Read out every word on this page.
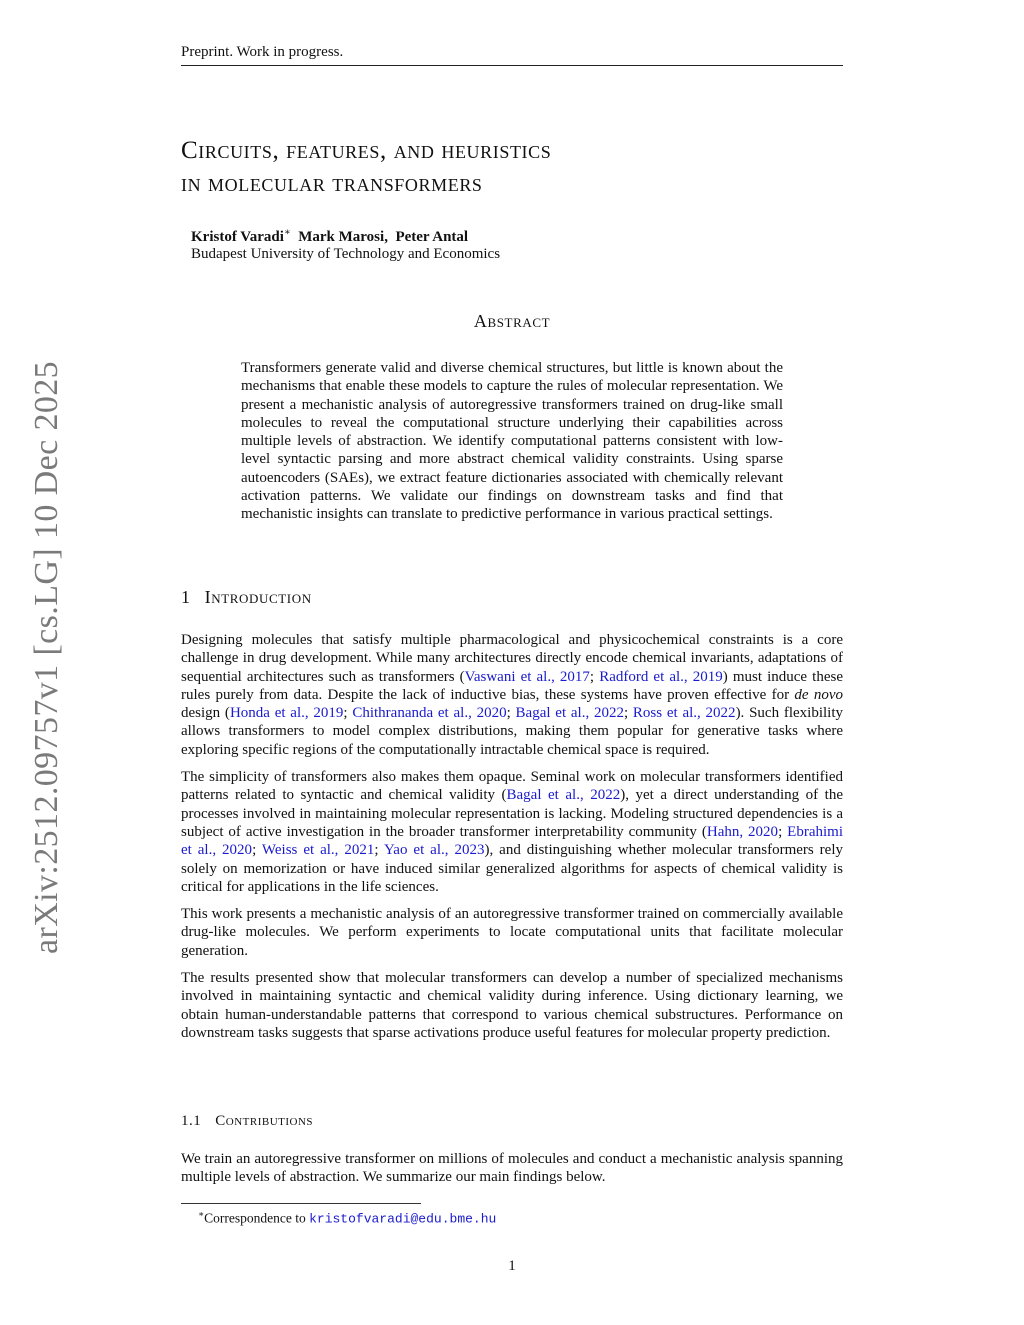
Preprint. Work in progress.
Circuits, features, and heuristics
in molecular transformers
Kristof Varadi∗ Mark Marosi,  Peter Antal
Budapest University of Technology and Economics
Abstract
Transformers generate valid and diverse chemical structures, but little is known about the mechanisms that enable these models to capture the rules of molecular representation. We present a mechanistic analysis of autoregressive transformers trained on drug-like small molecules to reveal the computational structure underlying their capabilities across multiple levels of abstraction. We identify computational patterns consistent with low-level syntactic parsing and more abstract chemical validity constraints. Using sparse autoencoders (SAEs), we extract feature dictionaries associated with chemically relevant activation patterns. We validate our findings on downstream tasks and find that mechanistic insights can translate to predictive performance in various practical settings.
1 Introduction

Designing molecules that satisfy multiple pharmacological and physicochemical constraints is a core challenge in drug development. While many architectures directly encode chemical invariants, adaptations of sequential architectures such as transformers (Vaswani et al., 2017; Radford et al., 2019) must induce these rules purely from data. Despite the lack of inductive bias, these systems have proven effective for de novo design (Honda et al., 2019; Chithrananda et al., 2020; Bagal et al., 2022; Ross et al., 2022). Such flexibility allows transformers to model complex distributions, making them popular for generative tasks where exploring specific regions of the computationally intractable chemical space is required.

The simplicity of transformers also makes them opaque. Seminal work on molecular transformers identified patterns related to syntactic and chemical validity (Bagal et al., 2022), yet a direct understanding of the processes involved in maintaining molecular representation is lacking. Modeling structured dependencies is a subject of active investigation in the broader transformer interpretability community (Hahn, 2020; Ebrahimi et al., 2020; Weiss et al., 2021; Yao et al., 2023), and distinguishing whether molecular transformers rely solely on memorization or have induced similar generalized algorithms for aspects of chemical validity is critical for applications in the life sciences.

This work presents a mechanistic analysis of an autoregressive transformer trained on commercially available drug-like molecules. We perform experiments to locate computational units that facilitate molecular generation.

The results presented show that molecular transformers can develop a number of specialized mechanisms involved in maintaining syntactic and chemical validity during inference. Using dictionary learning, we obtain human-understandable patterns that correspond to various chemical substructures. Performance on downstream tasks suggests that sparse activations produce useful features for molecular property prediction.

1.1 Contributions
We train an autoregressive transformer on millions of molecules and conduct a mechanistic analysis spanning multiple levels of abstraction. We summarize our main findings below.
∗Correspondence to kristofvaradi@edu.bme.hu
1
arXiv:2512.09757v1 [cs.LG] 10 Dec 2025
